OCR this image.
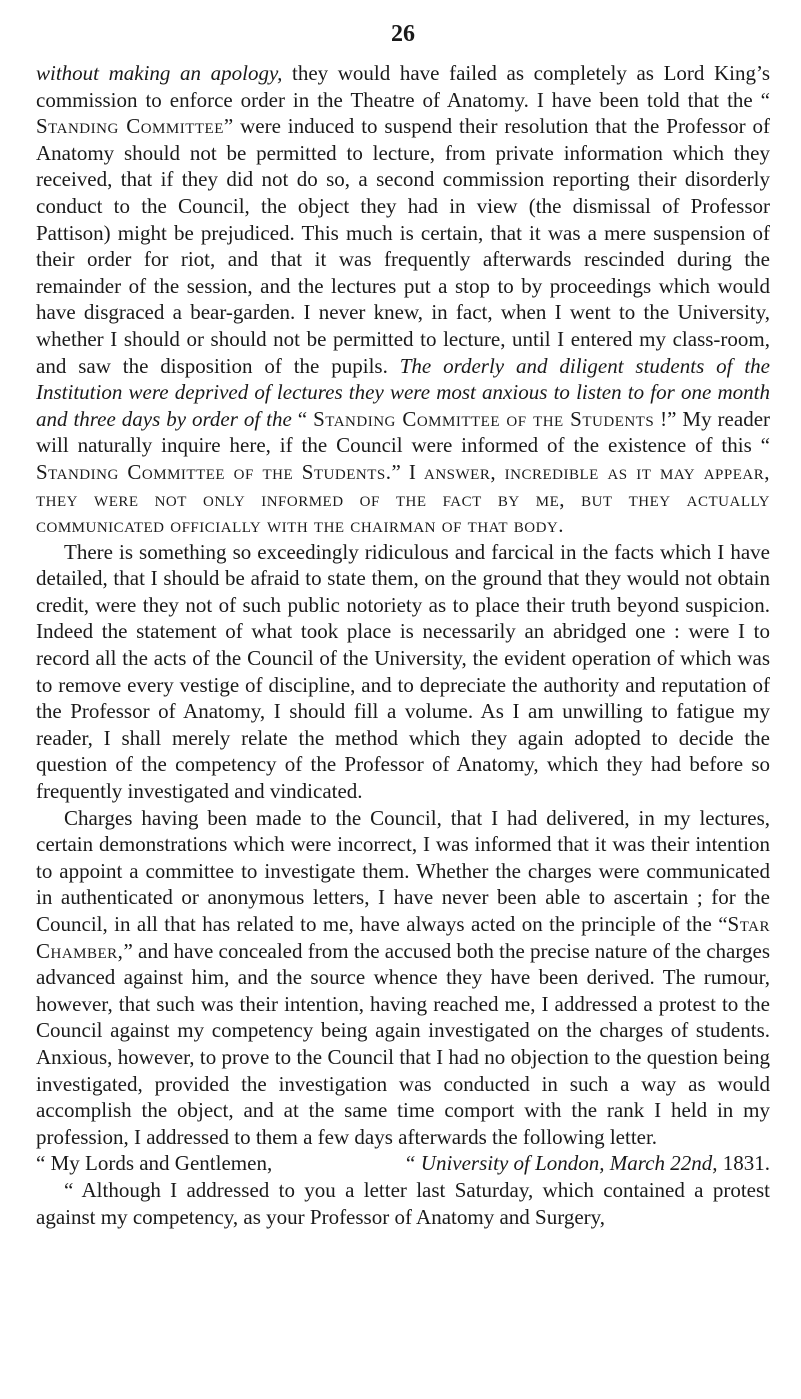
26

without making an apology, they would have failed as completely as Lord King’s commission to enforce order in the Theatre of Anatomy. I have been told that the “ Standing Committee” were induced to suspend their resolution that the Professor of Anatomy should not be permitted to lecture, from private information which they received, that if they did not do so, a second commission reporting their disorderly conduct to the Council, the object they had in view (the dismissal of Professor Pattison) might be prejudiced. This much is certain, that it was a mere suspension of their order for riot, and that it was frequently afterwards rescinded during the remainder of the session, and the lectures put a stop to by proceedings which would have disgraced a bear-garden. I never knew, in fact, when I went to the University, whether I should or should not be permitted to lecture, until I entered my class-room, and saw the disposition of the pupils. The orderly and diligent students of the Institution were deprived of lectures they were most anxious to listen to for one month and three days by order of the “ Standing Committee of the Students !” My reader will naturally inquire here, if the Council were informed of the existence of this “ Standing Committee of the Students.” I answer, incredible as it may appear, they were not only informed of the fact by me, but they actually communicated officially with the chairman of that body.

There is something so exceedingly ridiculous and farcical in the facts which I have detailed, that I should be afraid to state them, on the ground that they would not obtain credit, were they not of such public notoriety as to place their truth beyond suspicion. Indeed the statement of what took place is necessarily an abridged one : were I to record all the acts of the Council of the University, the evident operation of which was to remove every vestige of discipline, and to depreciate the authority and reputation of the Professor of Anatomy, I should fill a volume. As I am unwilling to fatigue my reader, I shall merely relate the method which they again adopted to decide the question of the competency of the Professor of Anatomy, which they had before so frequently investigated and vindicated.

Charges having been made to the Council, that I had delivered, in my lectures, certain demonstrations which were incorrect, I was informed that it was their intention to appoint a committee to investigate them. Whether the charges were communicated in authenticated or anonymous letters, I have never been able to ascertain ; for the Council, in all that has related to me, have always acted on the principle of the “Star Chamber,” and have concealed from the accused both the precise nature of the charges advanced against him, and the source whence they have been derived. The rumour, however, that such was their intention, having reached me, I addressed a protest to the Council against my competency being again investigated on the charges of students. Anxious, however, to prove to the Council that I had no objection to the question being investigated, provided the investigation was conducted in such a way as would accomplish the object, and at the same time comport with the rank I held in my profession, I addressed to them a few days afterwards the following letter.

“ My Lords and Gentlemen,	“ University of London, March 22nd, 1831.

“ Although I addressed to you a letter last Saturday, which contained a protest against my competency, as your Professor of Anatomy and Surgery,
